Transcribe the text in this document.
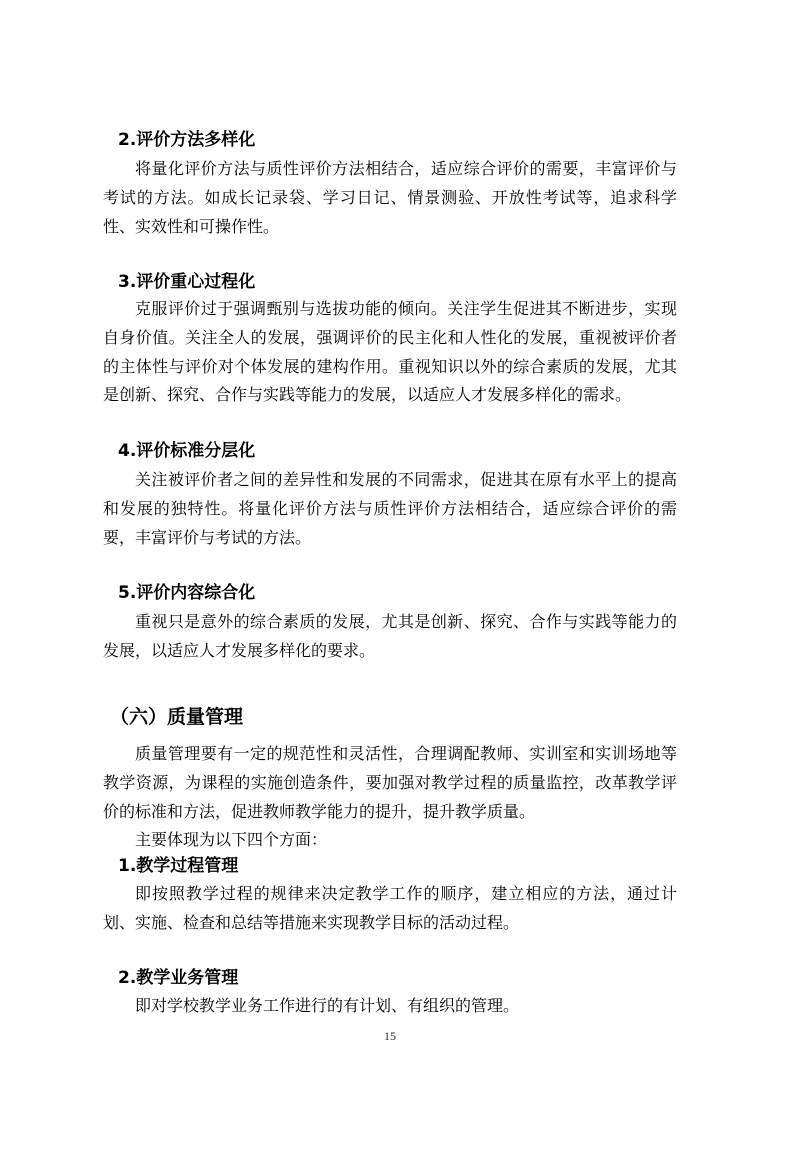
2.评价方法多样化

将量化评价方法与质性评价方法相结合，适应综合评价的需要，丰富评价与考试的方法。如成长记录袋、学习日记、情景测验、开放性考试等，追求科学性、实效性和可操作性。

3.评价重心过程化

克服评价过于强调甄别与选拔功能的倾向。关注学生促进其不断进步，实现自身价值。关注全人的发展，强调评价的民主化和人性化的发展，重视被评价者的主体性与评价对个体发展的建构作用。重视知识以外的综合素质的发展，尤其是创新、探究、合作与实践等能力的发展，以适应人才发展多样化的需求。

4.评价标准分层化

关注被评价者之间的差异性和发展的不同需求，促进其在原有水平上的提高和发展的独特性。将量化评价方法与质性评价方法相结合，适应综合评价的需要，丰富评价与考试的方法。

5.评价内容综合化

重视只是意外的综合素质的发展，尤其是创新、探究、合作与实践等能力的发展，以适应人才发展多样化的要求。

（六）质量管理

质量管理要有一定的规范性和灵活性，合理调配教师、实训室和实训场地等教学资源，为课程的实施创造条件，要加强对教学过程的质量监控，改革教学评价的标准和方法，促进教师教学能力的提升，提升教学质量。

主要体现为以下四个方面：

1.教学过程管理

即按照教学过程的规律来决定教学工作的顺序，建立相应的方法，通过计划、实施、检查和总结等措施来实现教学目标的活动过程。

2.教学业务管理

即对学校教学业务工作进行的有计划、有组织的管理。

15
